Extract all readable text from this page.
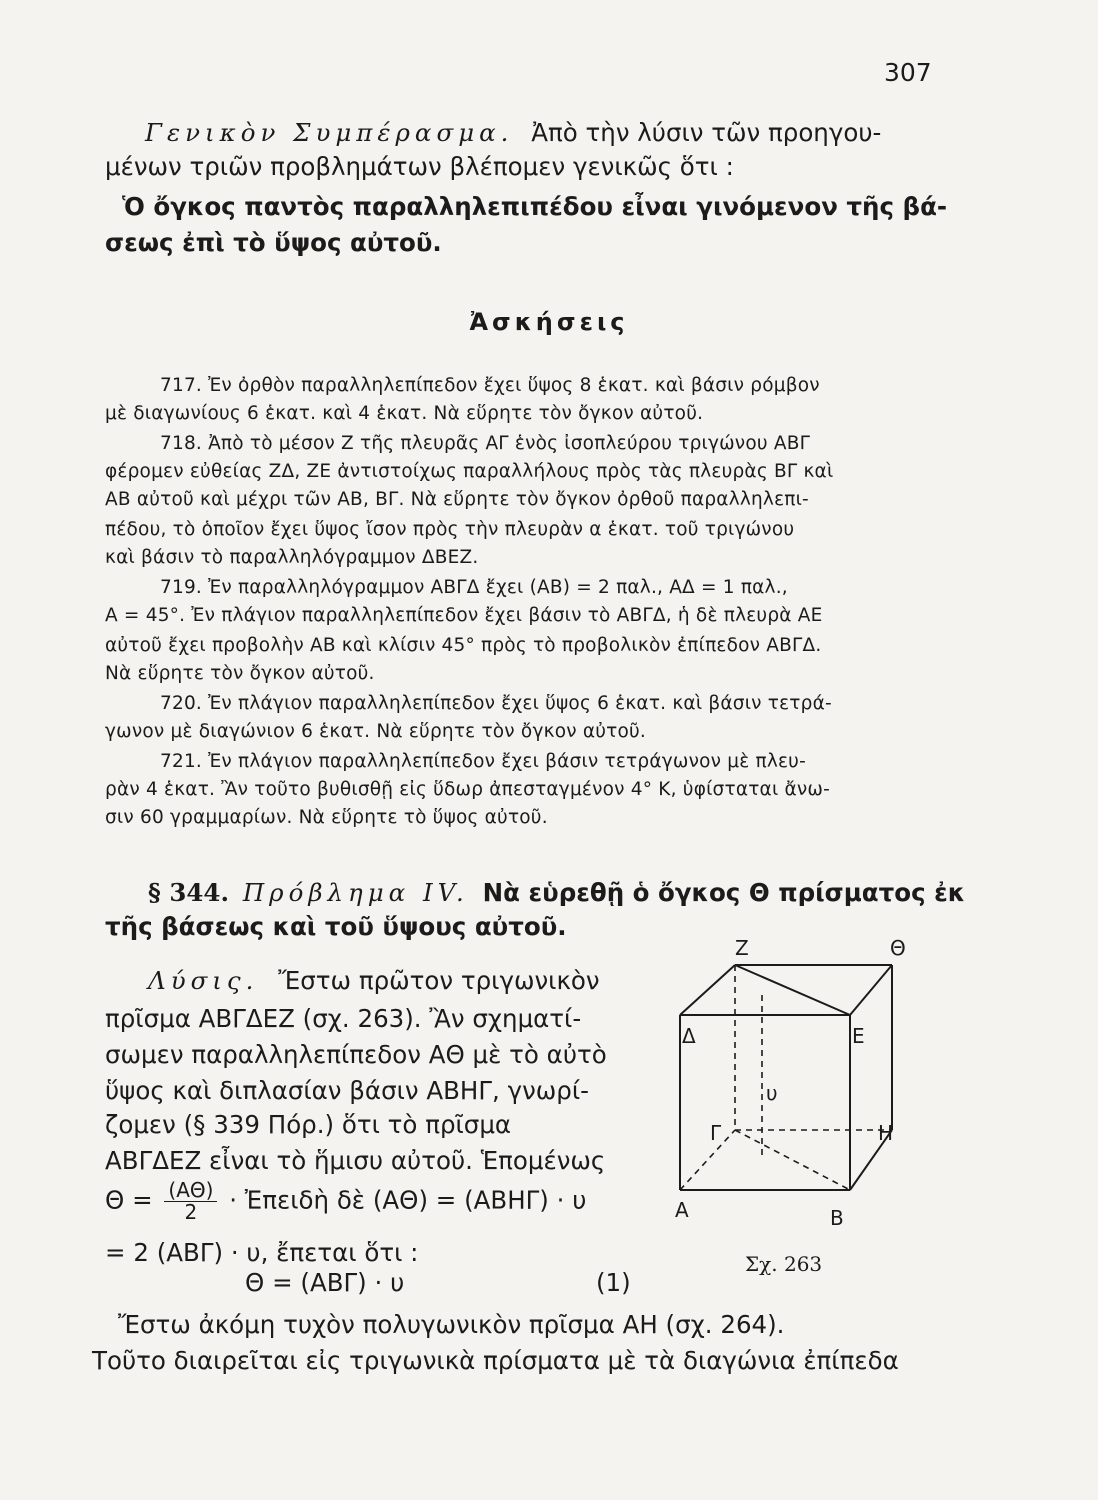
307
Γενικὸν Συμπέρασμα. Ἀπὸ τὴν λύσιν τῶν προηγου-
μένων τριῶν προβλημάτων βλέπομεν γενικῶς ὅτι :
Ὁ ὄγκος παντὸς παραλληλεπιπέδου εἶναι γινόμενον τῆς βά-
σεως ἐπὶ τὸ ὕψος αὐτοῦ.
Ἀσκήσεις
717. Ἐν ὀρθὸν παραλληλεπίπεδον ἔχει ὕψος 8 ἑκατ. καὶ βάσιν ρόμβον
μὲ διαγωνίους 6 ἑκατ. καὶ 4 ἑκατ. Νὰ εὕρητε τὸν ὄγκον αὐτοῦ.
718. Ἀπὸ τὸ μέσον Ζ τῆς πλευρᾶς ΑΓ ἑνὸς ἰσοπλεύρου τριγώνου ΑΒΓ
φέρομεν εὐθείας ΖΔ, ΖΕ ἀντιστοίχως παραλλήλους πρὸς τὰς πλευρὰς ΒΓ καὶ
ΑΒ αὐτοῦ καὶ μέχρι τῶν ΑΒ, ΒΓ. Νὰ εὕρητε τὸν ὄγκον ὀρθοῦ παραλληλεπι-
πέδου, τὸ ὁποῖον ἔχει ὕψος ἴσον πρὸς τὴν πλευρὰν α ἑκατ. τοῦ τριγώνου
καὶ βάσιν τὸ παραλληλόγραμμον ΔΒΕΖ.
719. Ἐν παραλληλόγραμμον ΑΒΓΔ ἔχει (ΑΒ) = 2 παλ., ΑΔ = 1 παλ.,
Α = 45°. Ἐν πλάγιον παραλληλεπίπεδον ἔχει βάσιν τὸ ΑΒΓΔ, ἡ δὲ πλευρὰ ΑΕ
αὐτοῦ ἔχει προβολὴν ΑΒ καὶ κλίσιν 45° πρὸς τὸ προβολικὸν ἐπίπεδον ΑΒΓΔ.
Νὰ εὕρητε τὸν ὄγκον αὐτοῦ.
720. Ἐν πλάγιον παραλληλεπίπεδον ἔχει ὕψος 6 ἑκατ. καὶ βάσιν τετρά-
γωνον μὲ διαγώνιον 6 ἑκατ. Νὰ εὕρητε τὸν ὄγκον αὐτοῦ.
721. Ἐν πλάγιον παραλληλεπίπεδον ἔχει βάσιν τετράγωνον μὲ πλευ-
ρὰν 4 ἑκατ. Ἂν τοῦτο βυθισθῇ εἰς ὕδωρ ἀπεσταγμένον 4° Κ, ὑφίσταται ἄνω-
σιν 60 γραμμαρίων. Νὰ εὕρητε τὸ ὕψος αὐτοῦ.
§ 344. Πρόβλημα IV. Νὰ εὑρεθῇ ὁ ὄγκος Θ πρίσματος ἐκ
τῆς βάσεως καὶ τοῦ ὕψους αὐτοῦ.
Λύσις. Ἔστω πρῶτον τριγωνικὸν
πρῖσμα ΑΒΓΔΕΖ (σχ. 263). Ἂν σχηματί-
σωμεν παραλληλεπίπεδον ΑΘ μὲ τὸ αὐτὸ
ὕψος καὶ διπλασίαν βάσιν ΑΒΗΓ, γνωρί-
ζομεν (§ 339 Πόρ.) ὅτι τὸ πρῖσμα
ΑΒΓΔΕΖ εἶναι τὸ ἥμισυ αὐτοῦ. Ἑπομένως
$\Theta = \frac{(A\Theta)}{2}$ · Ἐπειδὴ δὲ (ΑΘ) = (ΑΒΗΓ) · υ
= 2 (ΑΒΓ) · υ, ἔπεται ὅτι :
Θ = (ΑΒΓ) · υ	(1)
Ἔστω ἀκόμη τυχὸν πολυγωνικὸν πρῖσμα ΑΗ (σχ. 264).
Τοῦτο διαιρεῖται εἰς τριγωνικὰ πρίσματα μὲ τὰ διαγώνια ἐπίπεδα
Ζ	Θ
Δ	Ε
Γ	Η
Α	Β
υ
Σχ. 263
